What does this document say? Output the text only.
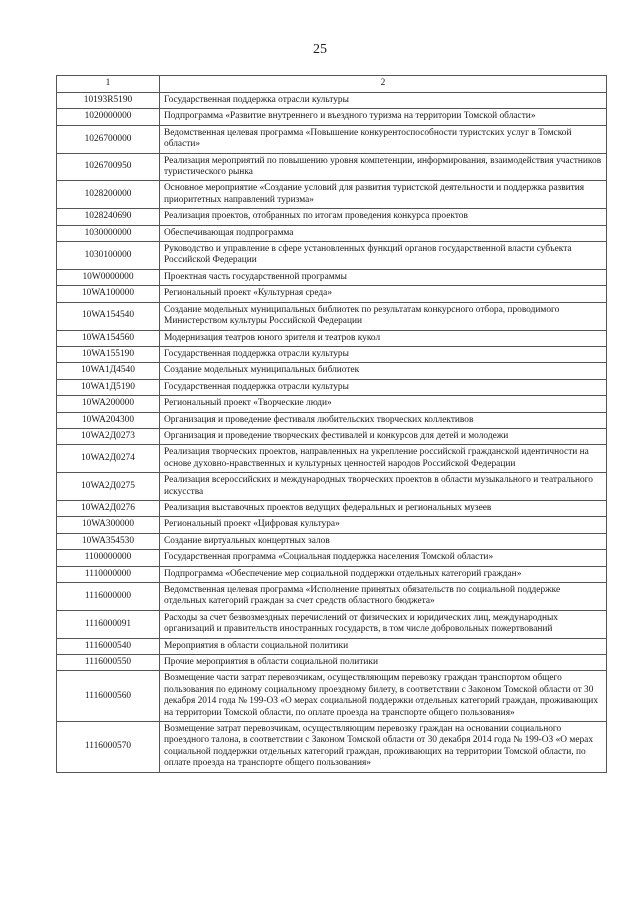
25
1	2
10193R5190	Государственная поддержка отрасли культуры
1020000000	Подпрограмма «Развитие внутреннего и въездного туризма на территории Томской области»
1026700000	Ведомственная целевая программа «Повышение конкурентоспособности туристских услуг в Томской области»
1026700950	Реализация мероприятий по повышению уровня компетенции, информирования, взаимодействия участников туристического рынка
1028200000	Основное мероприятие «Создание условий для развития туристской деятельности и поддержка развития приоритетных направлений туризма»
1028240690	Реализация проектов, отобранных по итогам проведения конкурса проектов
1030000000	Обеспечивающая подпрограмма
1030100000	Руководство и управление в сфере установленных функций органов государственной власти субъекта Российской Федерации
10W0000000	Проектная часть государственной программы
10WA100000	Региональный проект «Культурная среда»
10WA154540	Создание модельных муниципальных библиотек по результатам конкурсного отбора, проводимого Министерством культуры Российской Федерации
10WA154560	Модернизация театров юного зрителя и театров кукол
10WA155190	Государственная поддержка отрасли культуры
10WA1Д4540	Создание модельных муниципальных библиотек
10WA1Д5190	Государственная поддержка отрасли культуры
10WA200000	Региональный проект «Творческие люди»
10WA204300	Организация и проведение фестиваля любительских творческих коллективов
10WA2Д0273	Организация и проведение творческих фестивалей и конкурсов для детей и молодежи
10WA2Д0274	Реализация творческих проектов, направленных на укрепление российской гражданской идентичности на основе духовно-нравственных и культурных ценностей народов Российской Федерации
10WA2Д0275	Реализация всероссийских и международных творческих проектов в области музыкального и театрального искусства
10WA2Д0276	Реализация выставочных проектов ведущих федеральных и региональных музеев
10WA300000	Региональный проект «Цифровая культура»
10WA354530	Создание виртуальных концертных залов
1100000000	Государственная программа «Социальная поддержка населения Томской области»
1110000000	Подпрограмма «Обеспечение мер социальной поддержки отдельных категорий граждан»
1116000000	Ведомственная целевая программа «Исполнение принятых обязательств по социальной поддержке отдельных категорий граждан за счет средств областного бюджета»
1116000091	Расходы за счет безвозмездных перечислений от физических и юридических лиц, международных организаций и правительств иностранных государств, в том числе добровольных пожертвований
1116000540	Мероприятия в области социальной политики
1116000550	Прочие мероприятия в области социальной политики
1116000560	Возмещение части затрат перевозчикам, осуществляющим перевозку граждан транспортом общего пользования по единому социальному проездному билету, в соответствии с Законом Томской области от 30 декабря 2014 года № 199-ОЗ «О мерах социальной поддержки отдельных категорий граждан, проживающих на территории Томской области, по оплате проезда на транспорте общего пользования»
1116000570	Возмещение затрат перевозчикам, осуществляющим перевозку граждан на основании социального проездного талона, в соответствии с Законом Томской области от 30 декабря 2014 года № 199-ОЗ «О мерах социальной поддержки отдельных категорий граждан, проживающих на территории Томской области, по оплате проезда на транспорте общего пользования»
